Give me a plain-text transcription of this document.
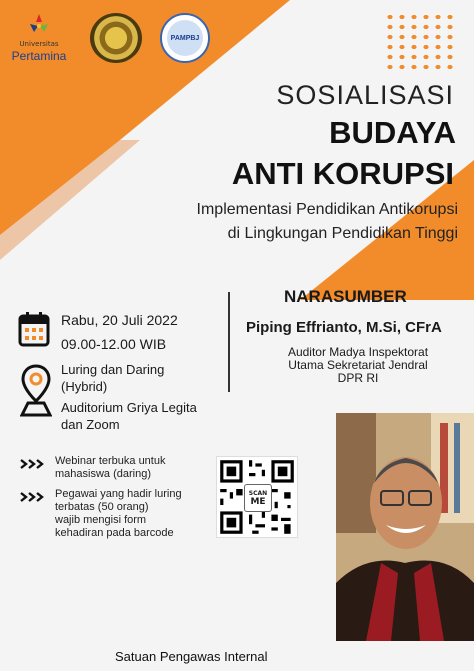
Universitas
Pertamina
PAMPBJ
SOSIALISASI
BUDAYA
ANTI KORUPSI
Implementasi Pendidikan Antikorupsi
di Lingkungan Pendidikan Tinggi
Rabu, 20 Juli 2022
09.00-12.00 WIB
Luring dan Daring
(Hybrid)
Auditorium Griya Legita
dan Zoom
NARASUMBER
Piping Effrianto, M.Si, CFrA
Auditor Madya Inspektorat
Utama Sekretariat Jendral
DPR RI
Webinar terbuka untuk
mahasiswa (daring)
Pegawai yang hadir luring
terbatas (50 orang)
wajib mengisi form
kehadiran pada barcode
SCAN
ME
Satuan Pengawas Internal
